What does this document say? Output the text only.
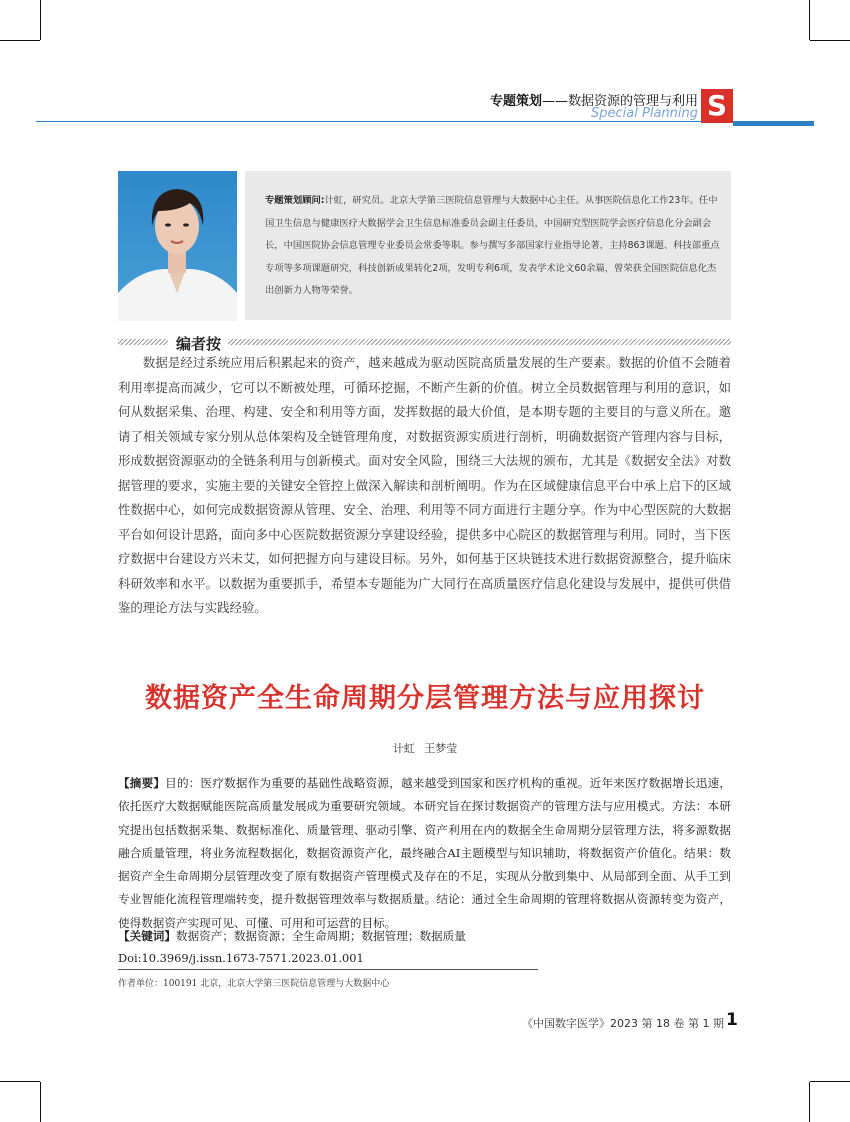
专题策划——数据资源的管理与利用
Special Planning S
专题策划顾问:计虹，研究员。北京大学第三医院信息管理与大数据中心主任。从事医院信息化工作23年。任中国卫生信息与健康医疗大数据学会卫生信息标准委员会副主任委员，中国研究型医院学会医疗信息化分会副会长，中国医院协会信息管理专业委员会常委等职。参与撰写多部国家行业指导论著，主持863课题、科技部重点专项等多项课题研究，科技创新成果转化2项，发明专利6项，发表学术论文60余篇，曾荣获全国医院信息化杰出创新力人物等荣誉。
编者按

数据是经过系统应用后积累起来的资产，越来越成为驱动医院高质量发展的生产要素。数据的价值不会随着利用率提高而减少，它可以不断被处理，可循环挖掘，不断产生新的价值。树立全员数据管理与利用的意识，如何从数据采集、治理、构建、安全和利用等方面，发挥数据的最大价值，是本期专题的主要目的与意义所在。邀请了相关领域专家分别从总体架构及全链管理角度，对数据资源实质进行剖析，明确数据资产管理内容与目标，形成数据资源驱动的全链条利用与创新模式。面对安全风险，围绕三大法规的颁布，尤其是《数据安全法》对数据管理的要求，实施主要的关键安全管控上做深入解读和剖析阐明。作为在区域健康信息平台中承上启下的区域性数据中心，如何完成数据资源从管理、安全、治理、利用等不同方面进行主题分享。作为中心型医院的大数据平台如何设计思路，面向多中心医院数据资源分享建设经验，提供多中心院区的数据管理与利用。同时，当下医疗数据中台建设方兴未艾，如何把握方向与建设目标。另外，如何基于区块链技术进行数据资源整合，提升临床科研效率和水平。以数据为重要抓手，希望本专题能为广大同行在高质量医疗信息化建设与发展中，提供可供借鉴的理论方法与实践经验。

数据资产全生命周期分层管理方法与应用探讨
计虹 王梦莹

【摘要】目的：医疗数据作为重要的基础性战略资源，越来越受到国家和医疗机构的重视。近年来医疗数据增长迅速，依托医疗大数据赋能医院高质量发展成为重要研究领域。本研究旨在探讨数据资产的管理方法与应用模式。方法：本研究提出包括数据采集、数据标准化、质量管理、驱动引擎、资产利用在内的数据全生命周期分层管理方法，将多源数据融合质量管理，将业务流程数据化，数据资源资产化，最终融合AI主题模型与知识辅助，将数据资产价值化。结果：数据资产全生命周期分层管理改变了原有数据资产管理模式及存在的不足，实现从分散到集中、从局部到全面、从手工到专业智能化流程管理端转变，提升数据管理效率与数据质量。结论：通过全生命周期的管理将数据从资源转变为资产，使得数据资产实现可见、可懂、可用和可运营的目标。

【关键词】数据资产；数据资源；全生命周期；数据管理；数据质量
Doi:10.3969/j.issn.1673-7571.2023.01.001
作者单位：100191 北京，北京大学第三医院信息管理与大数据中心
《中国数字医学》2023 第 18 卷 第 1 期 1
